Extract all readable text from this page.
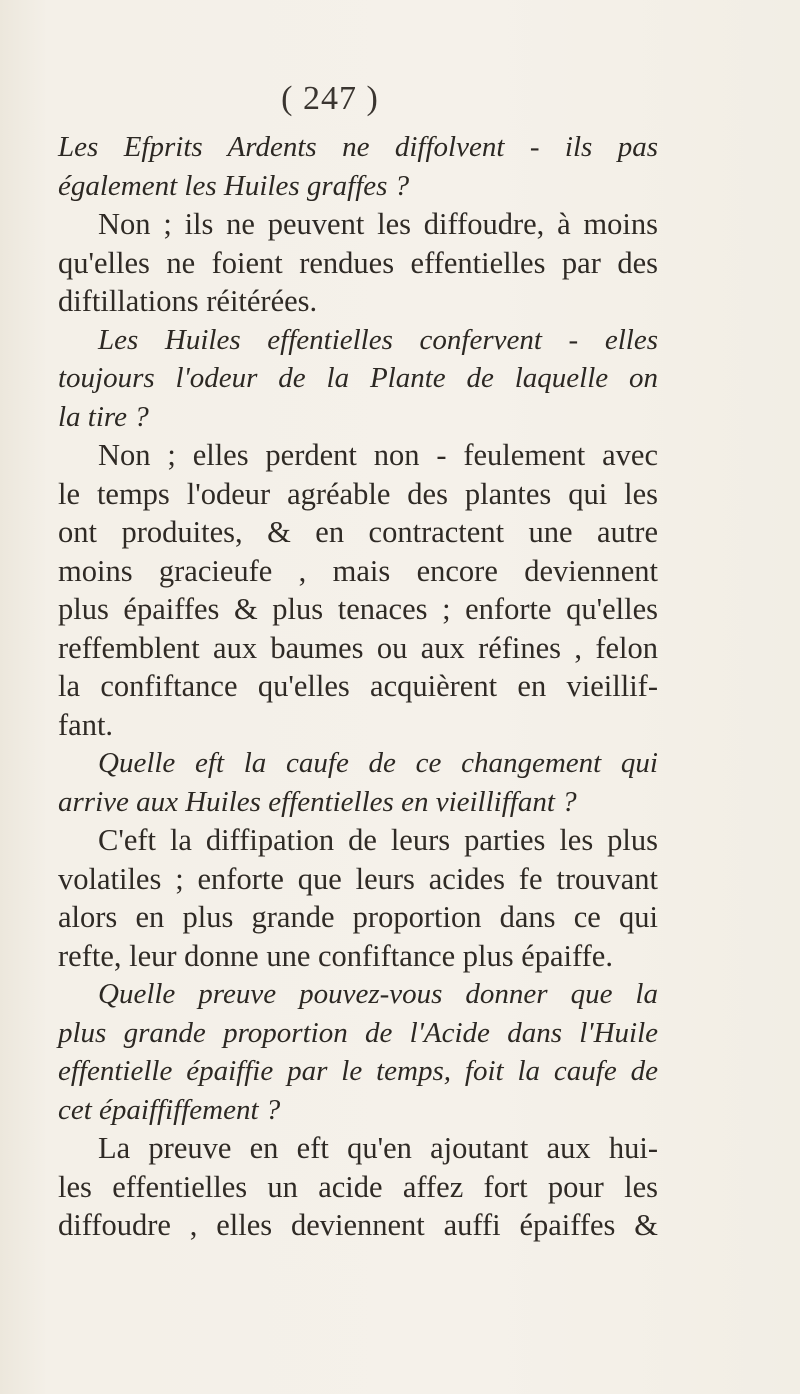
( 247 )
Les Efprits Ardents ne diffolvent - ils pas
également les Huiles graffes ?
Non ; ils ne peuvent les diffoudre, à moins
qu'elles ne foient rendues effentielles par des
diftillations réitérées.
Les Huiles effentielles confervent - elles
toujours l'odeur de la Plante de laquelle on
la tire ?
Non ; elles perdent non - feulement avec
le temps l'odeur agréable des plantes qui les
ont produites, & en contractent une autre
moins gracieufe , mais encore deviennent
plus épaiffes & plus tenaces ; enforte qu'elles
reffemblent aux baumes ou aux réfines , felon
la confiftance qu'elles acquièrent en vieillif-
fant.
Quelle eft la caufe de ce changement qui
arrive aux Huiles effentielles en vieilliffant ?
C'eft la diffipation de leurs parties les plus
volatiles ; enforte que leurs acides fe trouvant
alors en plus grande proportion dans ce qui
refte, leur donne une confiftance plus épaiffe.
Quelle preuve pouvez-vous donner que la
plus grande proportion de l'Acide dans l'Huile
effentielle épaiffie par le temps, foit la caufe de
cet épaiffiffement ?
La preuve en eft qu'en ajoutant aux hui-
les effentielles un acide affez fort pour les
diffoudre , elles deviennent auffi épaiffes &
